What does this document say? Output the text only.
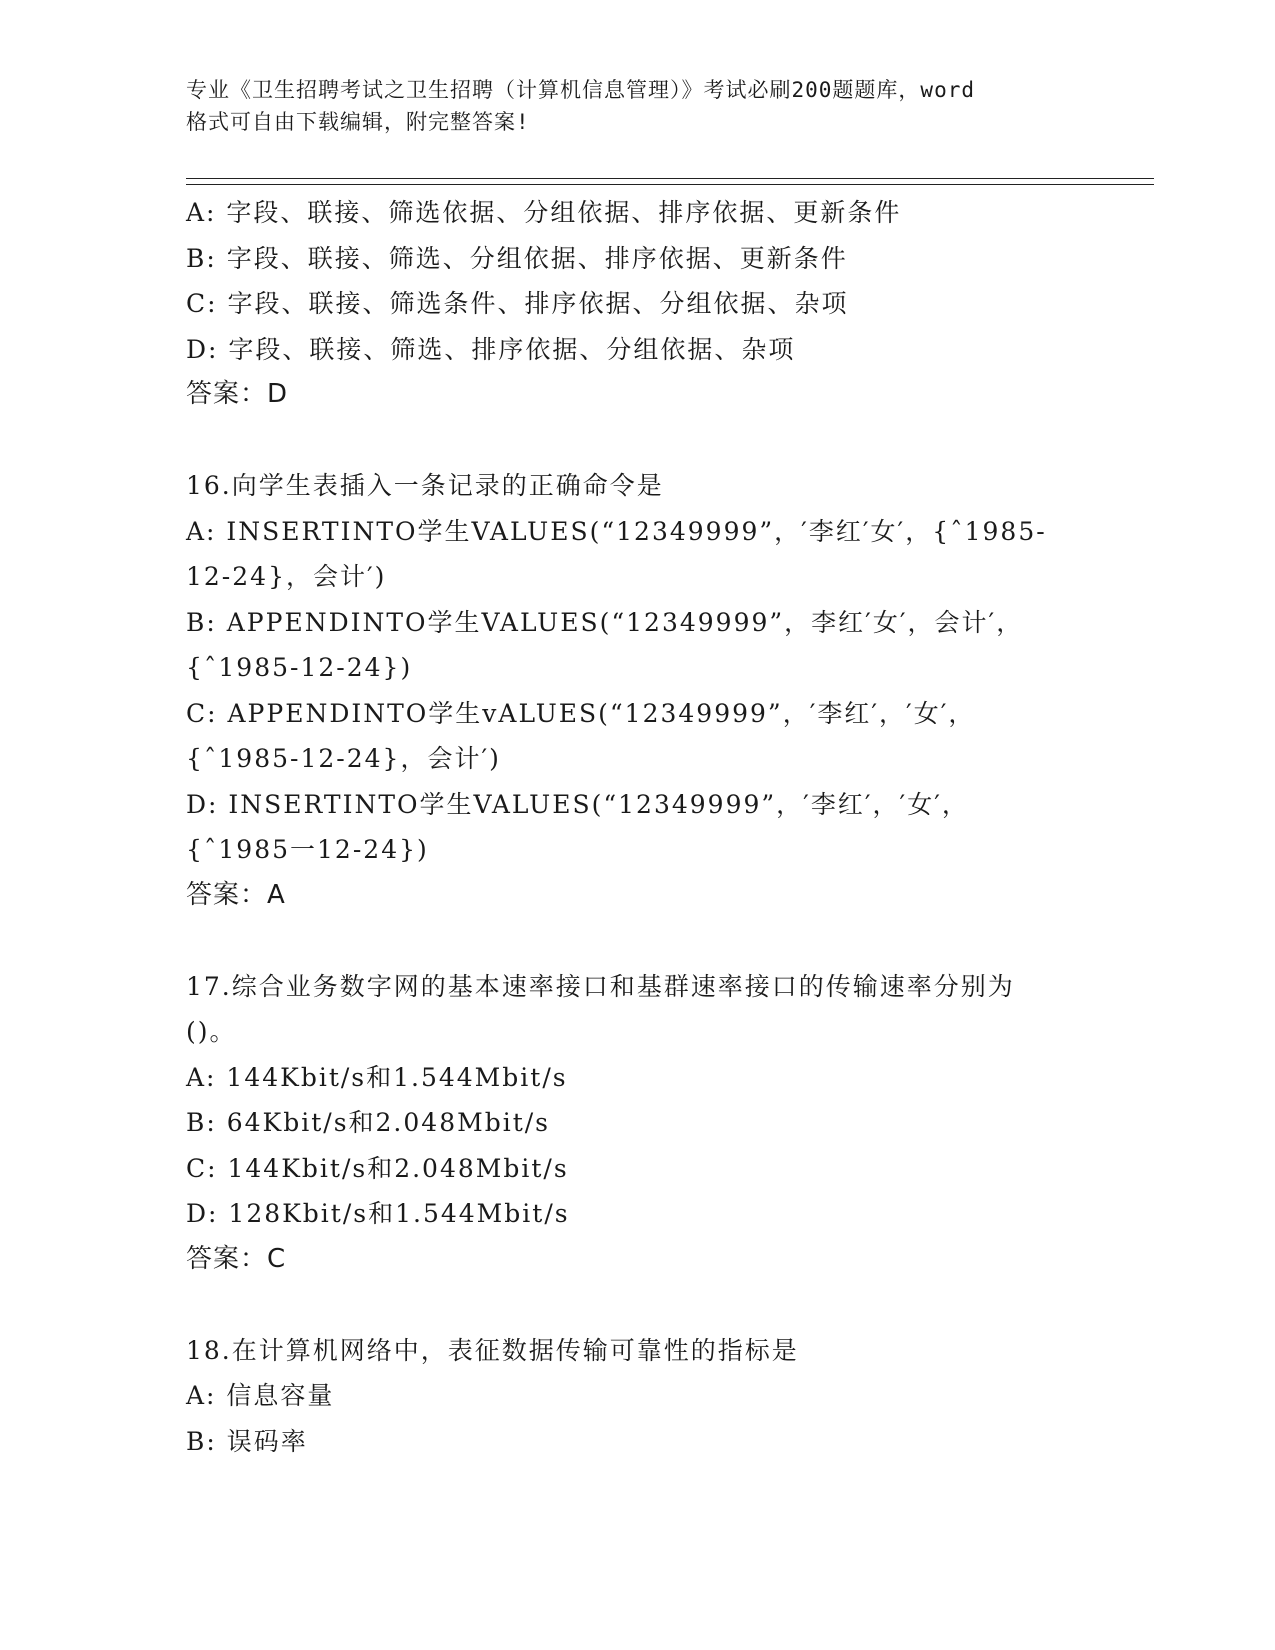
专业《卫生招聘考试之卫生招聘（计算机信息管理）》考试必刷200题题库，word
格式可自由下载编辑，附完整答案!
A: 字段、联接、筛选依据、分组依据、排序依据、更新条件
B: 字段、联接、筛选、分组依据、排序依据、更新条件
C: 字段、联接、筛选条件、排序依据、分组依据、杂项
D: 字段、联接、筛选、排序依据、分组依据、杂项
答案：D
16.向学生表插入一条记录的正确命令是
A: INSERTINTO学生VALUES(“12349999”，′李红′女′，{ˆ1985-
12-24}，会计′)
B: APPENDINTO学生VALUES(“12349999”，李红′女′，会计′，
{ˆ1985-12-24})
C: APPENDINTO学生vALUES(“12349999”，′李红′，′女′，
{ˆ1985-12-24}，会计′)
D: INSERTINTO学生VALUES(“12349999”，′李红′，′女′，
{ˆ1985一12-24})
答案：A
17.综合业务数字网的基本速率接口和基群速率接口的传输速率分别为
()。
A: 144Kbit/s和1.544Mbit/s
B: 64Kbit/s和2.048Mbit/s
C: 144Kbit/s和2.048Mbit/s
D: 128Kbit/s和1.544Mbit/s
答案：C
18.在计算机网络中，表征数据传输可靠性的指标是
A: 信息容量
B: 误码率
